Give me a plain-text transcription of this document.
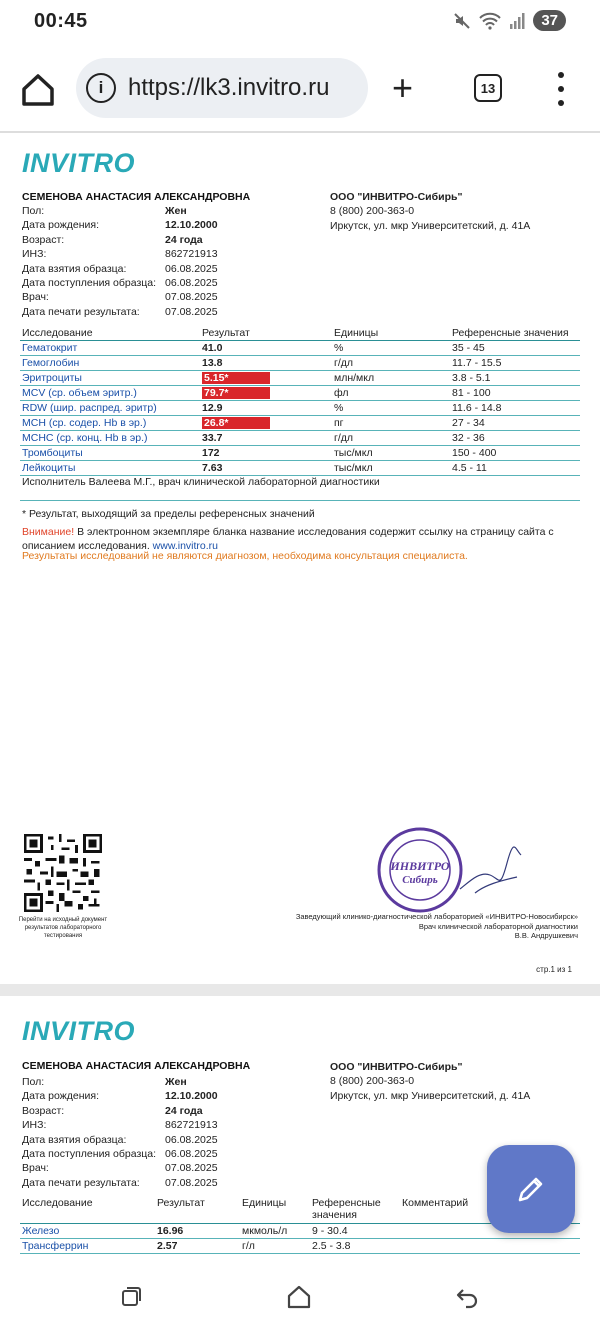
00:45	37
i	https://lk3.invitro.ru +	13
INVITRO
СЕМЕНОВА АНАСТАСИЯ АЛЕКСАНДРОВНА
Пол:	Жен
Дата рождения:	12.10.2000
Возраст:	24 года
ИНЗ:	862721913
Дата взятия образца:	06.08.2025
Дата поступления образца: 06.08.2025
Врач:	07.08.2025
Дата печати результата:	07.08.2025
ООО "ИНВИТРО-Сибирь"
8 (800) 200-363-0
Иркутск, ул. мкр Университетский, д. 41А
Исследование	Результат	Единицы	Референсные значения
Гематокрит	41.0	%	35 - 45
Гемоглобин	13.8	г/дл	11.7 - 15.5
Эритроциты	5.15*	млн/мкл	3.8 - 5.1
MCV (ср. объем эритр.)	79.7*	фл	81 - 100
RDW (шир. распред. эритр)	12.9	%	11.6 - 14.8
MCH (ср. содер. Hb в эр.)	26.8*	пг	27 - 34
MCHC (ср. конц. Hb в эр.)	33.7	г/дл	32 - 36
Тромбоциты	172	тыс/мкл	150 - 400
Лейкоциты	7.63	тыс/мкл	4.5 - 11
Исполнитель Валеева М.Г., врач клинической лабораторной диагностики
* Результат, выходящий за пределы референсных значений
Внимание! В электронном экземпляре бланка название исследования содержит ссылку на страницу сайта с описанием исследования. www.invitro.ru
Результаты исследований не являются диагнозом, необходима консультация специалиста.
Перейти на исходный документ результатов лабораторного тестирования
ИНВИТРО
Сибирь
Заведующий клинико-диагностической лабораторией «ИНВИТРО-Новосибирск»
Врач клинической лабораторной диагностики
В.В. Андрушкевич
стр.1 из 1
INVITRO
СЕМЕНОВА АНАСТАСИЯ АЛЕКСАНДРОВНА
Пол:	Жен
Дата рождения:	12.10.2000
Возраст:	24 года
ИНЗ:	862721913
Дата взятия образца:	06.08.2025
Дата поступления образца: 06.08.2025
Врач:	07.08.2025
Дата печати результата:	07.08.2025
ООО "ИНВИТРО-Сибирь"
8 (800) 200-363-0
Иркутск, ул. мкр Университетский, д. 41А
Исследование	Результат	Единицы	Референсные значения	Комментарий
Железо	16.96	мкмоль/л	9 - 30.4	
Трансферрин	2.57	г/л	2.5 - 3.8	
